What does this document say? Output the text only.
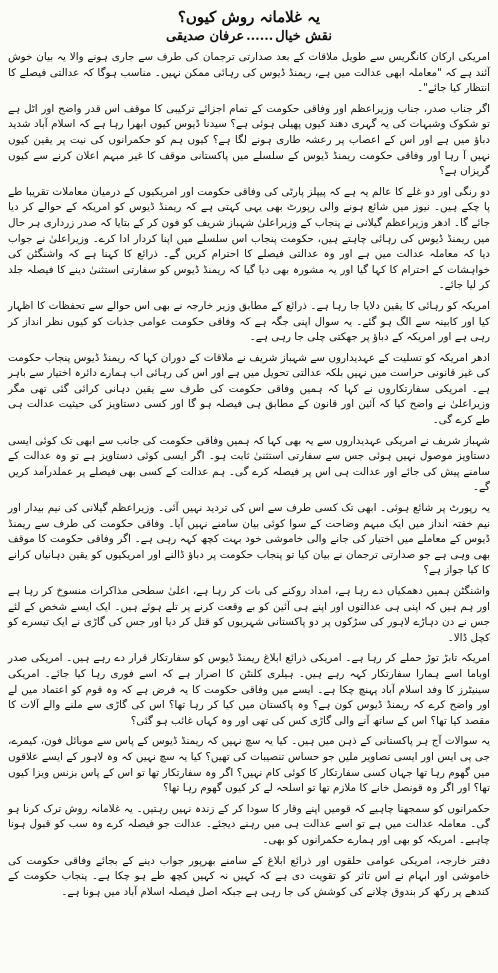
یہ غلامانہ روش کیوں؟
نقش خیال......عرفان صدیقی

امریکی ارکان کانگریس سے طویل ملاقات کے بعد صدارتی ترجمان کی طرف سے جاری ہونے والا یہ بیان خوش آئند ہے کہ "معاملہ ابھی عدالت میں ہے، ریمنڈ ڈیوس کی رہائی ممکن نہیں۔ مناسب ہوگا کہ عدالتی فیصلے کا انتظار کیا جائے"۔

اگر جناب صدر، جناب وزیراعظم اور وفاقی حکومت کے تمام اجزائے ترکیبی کا موقف اس قدر واضح اور اٹل ہے تو شکوک وشبہات کی یہ گہری دھند کیوں پھیلی ہوئی ہے؟ سیدنا ڈیوس کیوں ابھرا رہا ہے کہ اسلام آباد شدید دباؤ میں ہے اور اس کے اعصاب پر رعشہ طاری ہونے لگا ہے؟ کیوں ہم کو حکمرانوں کی نیت پر یقین کیوں نہیں آ رہا اور وفاقی حکومت ریمنڈ ڈیوس کے سلسلے میں پاکستانی موقف کا غیر مبہم اعلان کرنے سے کیوں گریزاں ہے؟

دو رنگی اور دو غلے کا عالم یہ ہے کہ پیپلز پارٹی کی وفاقی حکومت اور امریکیوں کے درمیان معاملات تقریبا طے پا چکے ہیں۔ نیوز میں شائع ہونے والی رپورٹ بھی یہی کہتی ہے کہ ریمنڈ ڈیوس کو امریکہ کے حوالے کر دیا جائے گا۔ ادھر وزیراعظم گیلانی نے پنجاب کے وزیراعلیٰ شہباز شریف کو فون کر کے بتایا کہ صدر زرداری ہر حال میں ریمنڈ ڈیوس کی رہائی چاہتے ہیں، حکومت پنجاب اس سلسلے میں اپنا کردار ادا کرے۔ وزیراعلیٰ نے جواب دیا کہ معاملہ عدالت میں ہے اور وہ عدالتی فیصلے کا احترام کریں گے۔ ذرائع کا کہنا ہے کہ واشنگٹن کی خواہشات کے احترام کا کہا گیا اور یہ مشورہ بھی دیا گیا کہ ریمنڈ ڈیوس کو سفارتی استثنیٰ دینے کا فیصلہ جلد کر لیا جائے۔

امریکہ کو رہائی کا یقین دلایا جا رہا ہے۔ ذرائع کے مطابق وزیر خارجہ نے بھی اس حوالے سے تحفظات کا اظہار کیا اور کابینہ سے الگ ہو گئے۔ یہ سوال اپنی جگہ ہے کہ وفاقی حکومت عوامی جذبات کو کیوں نظر انداز کر رہی ہے اور امریکہ کے دباؤ پر جھکتی چلی جا رہی ہے۔

ادھر امریکہ کو تسلیت کے عہدیداروں سے شہباز شریف نے ملاقات کے دوران کہا کہ ریمنڈ ڈیوس پنجاب حکومت کی غیر قانونی حراست میں نہیں بلکہ عدالتی تحویل میں ہے اور اس کی رہائی اب ہمارے دائرہ اختیار سے باہر ہے۔ امریکی سفارتکاروں نے کہا کہ ہمیں وفاقی حکومت کی طرف سے یقین دہانی کرائی گئی تھی مگر وزیراعلیٰ نے واضح کیا کہ آئین اور قانون کے مطابق ہی فیصلہ ہو گا اور کسی دستاویز کی حیثیت عدالت ہی طے کرے گی۔

شہباز شریف نے امریکی عہدیداروں سے یہ بھی کہا کہ ہمیں وفاقی حکومت کی جانب سے ابھی تک کوئی ایسی دستاویز موصول نہیں ہوئی جس سے سفارتی استثنیٰ ثابت ہو۔ اگر ایسی کوئی دستاویز ہے تو وہ عدالت کے سامنے پیش کی جائے اور عدالت ہی اس پر فیصلہ کرے گی۔ ہم عدالت کے کسی بھی فیصلے پر عملدرآمد کریں گے۔

یہ رپورٹ پر شائع ہوئی۔ ابھی تک کسی طرف سے اس کی تردید نہیں آئی۔ وزیراعظم گیلانی کی نیم بیدار اور نیم خفتہ انداز میں ایک مبہم وضاحت کے سوا کوئی بیان سامنے نہیں آیا۔ وفاقی حکومت کی طرف سے ریمنڈ ڈیوس کے معاملے میں اختیار کی جانے والی خاموشی خود بہت کچھ کہہ رہی ہے۔ اگر وفاقی حکومت کا موقف بھی وہی ہے جو صدارتی ترجمان نے بیان کیا تو پنجاب حکومت پر دباؤ ڈالنے اور امریکیوں کو یقین دہانیاں کرانے کا کیا جواز ہے؟

واشنگٹن ہمیں دھمکیاں دے رہا ہے، امداد روکنے کی بات کر رہا ہے، اعلیٰ سطحی مذاکرات منسوخ کر رہا ہے اور ہم ہیں کہ اپنی ہی عدالتوں اور اپنے ہی آئین کو بے وقعت کرنے پر تلے ہوئے ہیں۔ ایک ایسے شخص کے لئے جس نے دن دہاڑے لاہور کی سڑکوں پر دو پاکستانی شہریوں کو قتل کر دیا اور جس کی گاڑی نے ایک تیسرے کو کچل ڈالا۔

امریکہ تابڑ توڑ حملے کر رہا ہے۔ امریکی ذرائع ابلاغ ریمنڈ ڈیوس کو سفارتکار قرار دے رہے ہیں۔ امریکی صدر اوباما اسے ہمارا سفارتکار کہہ رہے ہیں۔ ہیلری کلنٹن کا اصرار ہے کہ اسے فوری رہا کیا جائے۔ امریکی سینیٹرز کا وفد اسلام آباد پہنچ چکا ہے۔ ایسے میں وفاقی حکومت کا یہ فرض ہے کہ وہ قوم کو اعتماد میں لے اور واضح کرے کہ ریمنڈ ڈیوس کون ہے؟ وہ پاکستان میں کیا کر رہا تھا؟ اس کی گاڑی سے ملنے والے آلات کا مقصد کیا تھا؟ اس کے ساتھ آنے والی گاڑی کس کی تھی اور وہ کہاں غائب ہو گئی؟

یہ سوالات آج ہر پاکستانی کے ذہن میں ہیں۔ کیا یہ سچ نہیں کہ ریمنڈ ڈیوس کے پاس سے موبائل فون، کیمرے، جی پی ایس اور ایسی تصاویر ملیں جو حساس تنصیبات کی تھیں؟ کیا یہ سچ نہیں کہ وہ لاہور کے ایسے علاقوں میں گھوم رہا تھا جہاں کسی سفارتکار کا کوئی کام نہیں؟ اگر وہ سفارتکار تھا تو اس کے پاس بزنس ویزا کیوں تھا؟ اور اگر وہ قونصل خانے کا ملازم تھا تو اسلحہ لے کر کیوں گھوم رہا تھا؟

حکمرانوں کو سمجھنا چاہیے کہ قومیں اپنے وقار کا سودا کر کے زندہ نہیں رہتیں۔ یہ غلامانہ روش ترک کرنا ہو گی۔ معاملہ عدالت میں ہے تو اسے عدالت ہی میں رہنے دیجئے۔ عدالت جو فیصلہ کرے وہ سب کو قبول ہونا چاہیے۔ امریکہ کو بھی اور ہمارے حکمرانوں کو بھی۔

دفتر خارجہ، امریکی عوامی حلقوں اور ذرائع ابلاغ کے سامنے بھرپور جواب دینے کے بجائے وفاقی حکومت کی خاموشی اور ابہام نے اس تاثر کو تقویت دی ہے کہ کہیں نہ کہیں کچھ طے ہو چکا ہے۔ پنجاب حکومت کے کندھے پر رکھ کر بندوق چلانے کی کوشش کی جا رہی ہے جبکہ اصل فیصلہ اسلام آباد میں ہونا ہے۔
